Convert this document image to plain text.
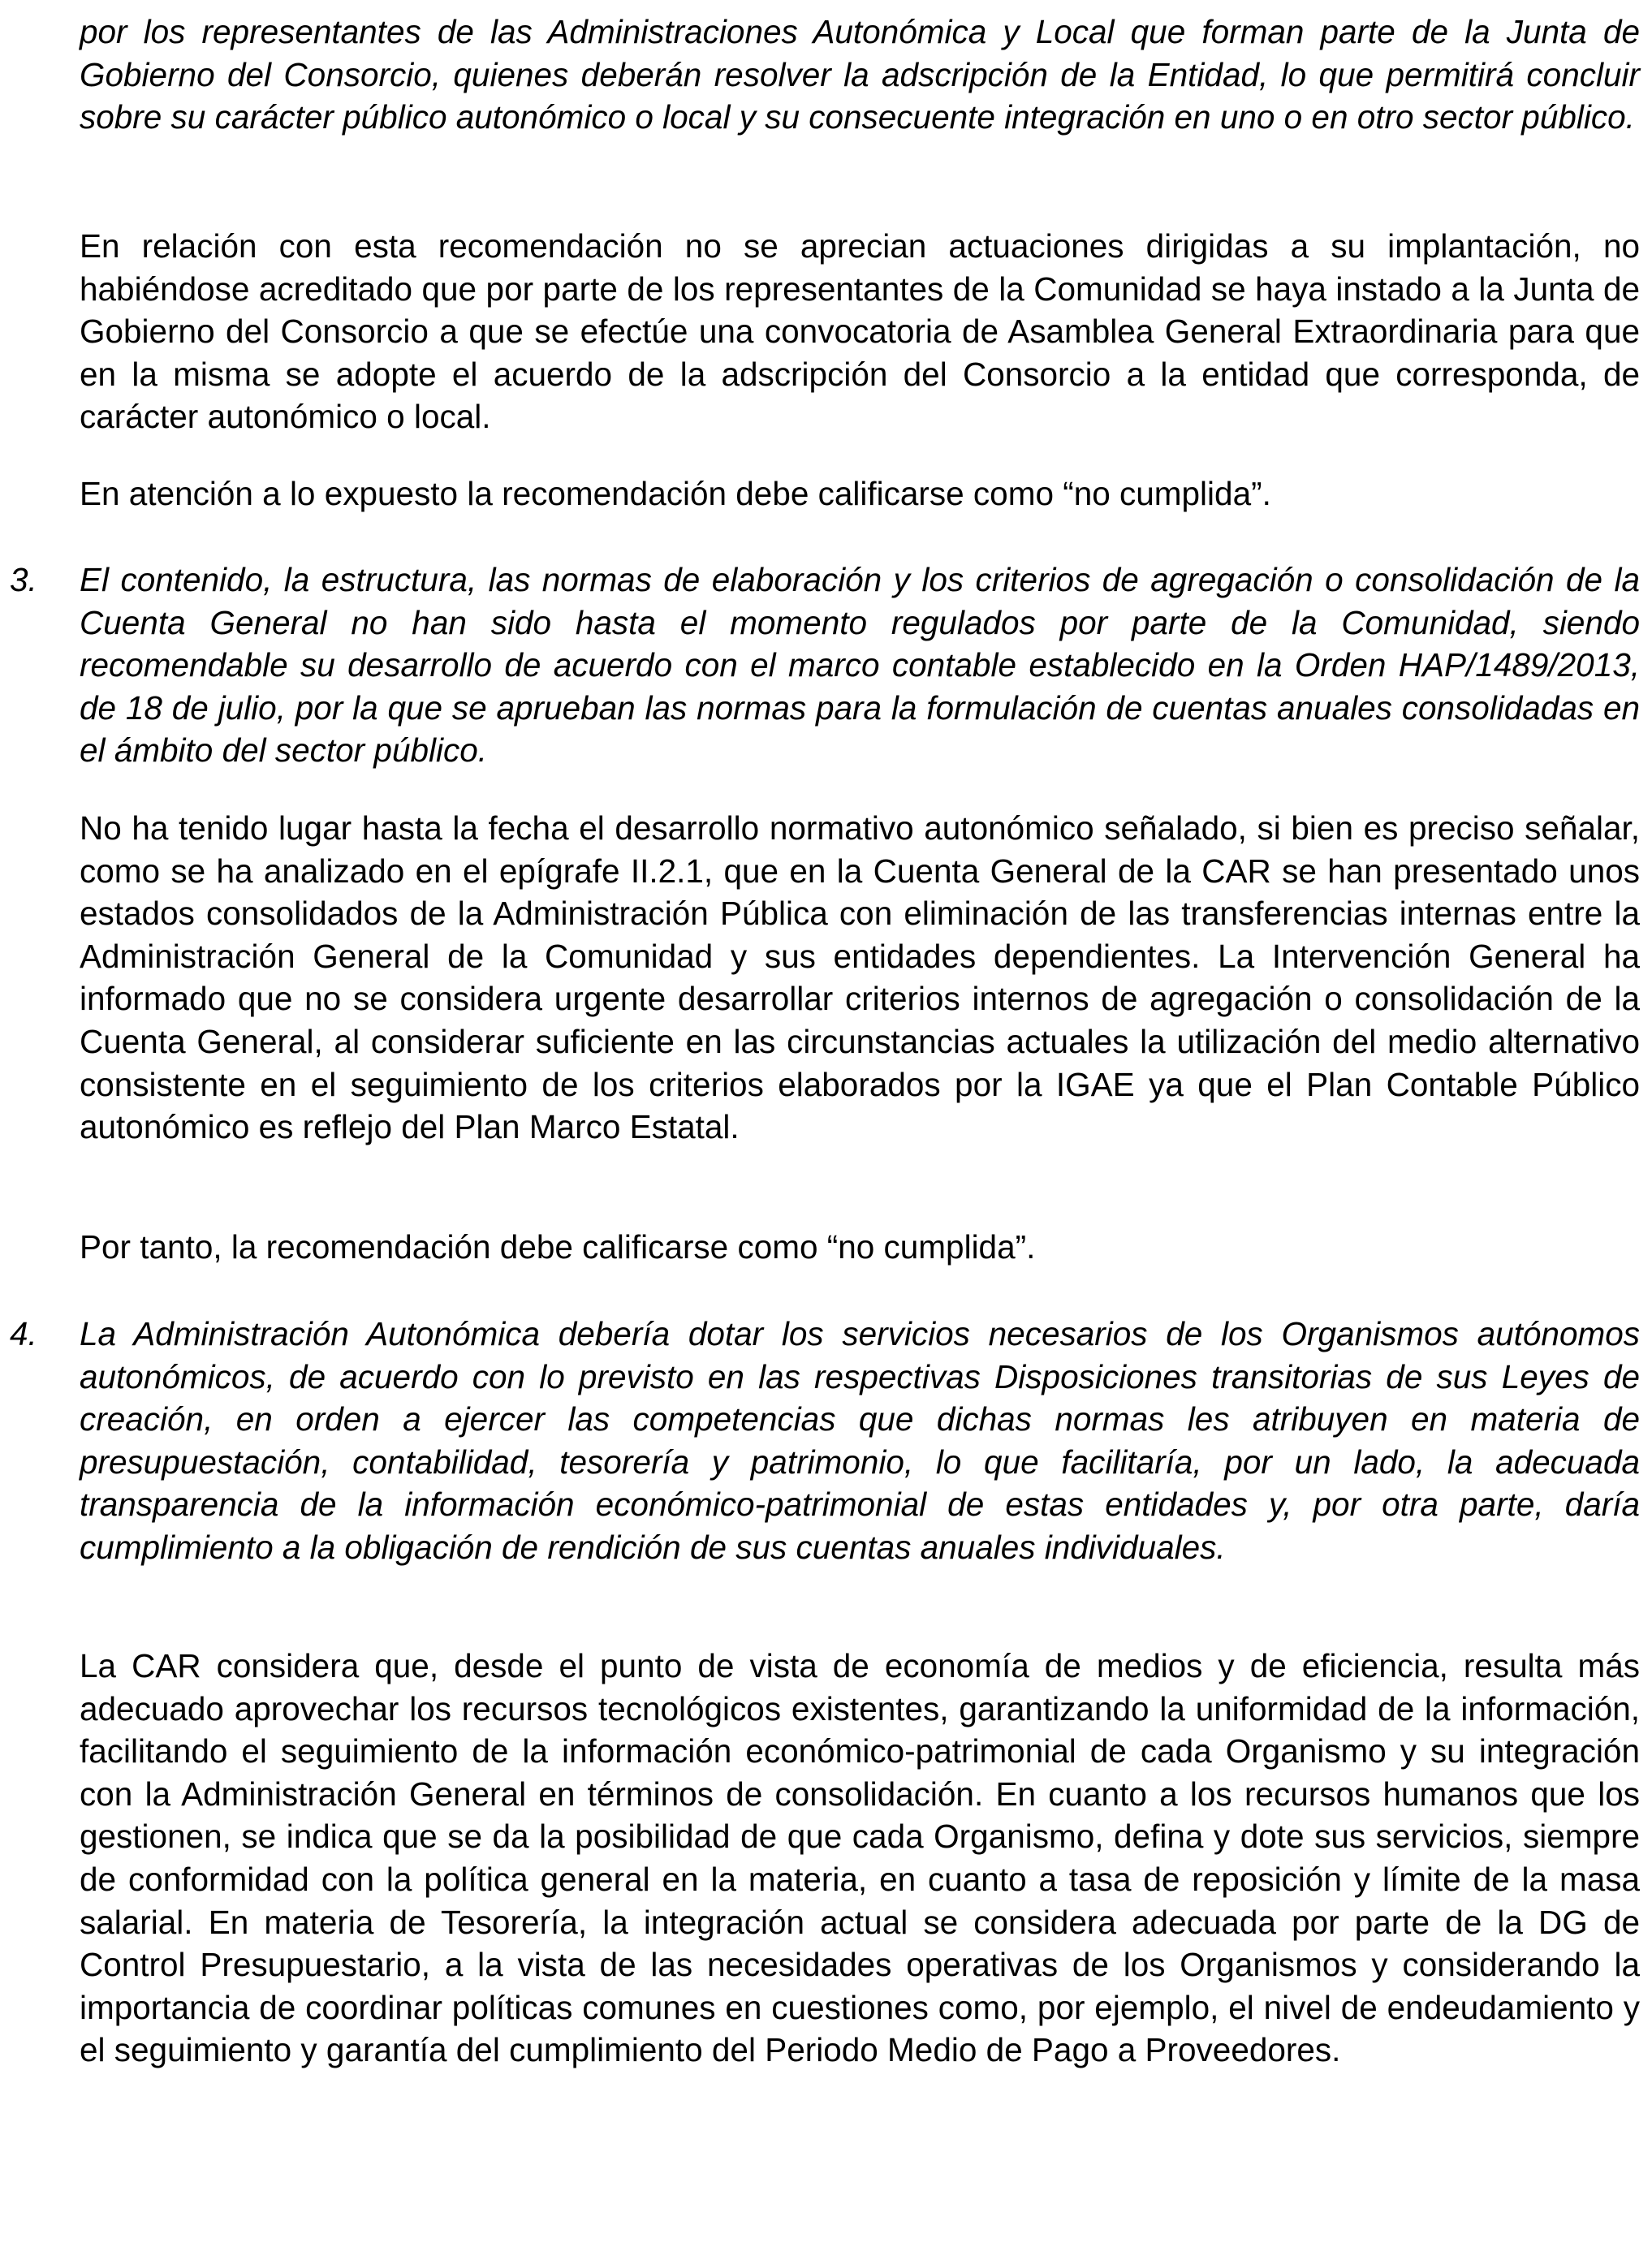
por los representantes de las Administraciones Autonómica y Local que forman parte de la Junta de Gobierno del Consorcio, quienes deberán resolver la adscripción de la Entidad, lo que permitirá concluir sobre su carácter público autonómico o local y su consecuente integración en uno o en otro sector público.

En relación con esta recomendación no se aprecian actuaciones dirigidas a su implantación, no habiéndose acreditado que por parte de los representantes de la Comunidad se haya instado a la Junta de Gobierno del Consorcio a que se efectúe una convocatoria de Asamblea General Extraordinaria para que en la misma se adopte el acuerdo de la adscripción del Consorcio a la entidad que corresponda, de carácter autonómico o local.

En atención a lo expuesto la recomendación debe calificarse como “no cumplida”.

3.	El contenido, la estructura, las normas de elaboración y los criterios de agregación o consolidación de la Cuenta General no han sido hasta el momento regulados por parte de la Comunidad, siendo recomendable su desarrollo de acuerdo con el marco contable establecido en la Orden HAP/1489/2013, de 18 de julio, por la que se aprueban las normas para la formulación de cuentas anuales consolidadas en el ámbito del sector público.

No ha tenido lugar hasta la fecha el desarrollo normativo autonómico señalado, si bien es preciso señalar, como se ha analizado en el epígrafe II.2.1, que en la Cuenta General de la CAR se han presentado unos estados consolidados de la Administración Pública con eliminación de las transferencias internas entre la Administración General de la Comunidad y sus entidades dependientes. La Intervención General ha informado que no se considera urgente desarrollar criterios internos de agregación o consolidación de la Cuenta General, al considerar suficiente en las circunstancias actuales la utilización del medio alternativo consistente en el seguimiento de los criterios elaborados por la IGAE ya que el Plan Contable Público autonómico es reflejo del Plan Marco Estatal.

Por tanto, la recomendación debe calificarse como “no cumplida”.

4.	La Administración Autonómica debería dotar los servicios necesarios de los Organismos autónomos autonómicos, de acuerdo con lo previsto en las respectivas Disposiciones transitorias de sus Leyes de creación, en orden a ejercer las competencias que dichas normas les atribuyen en materia de presupuestación, contabilidad, tesorería y patrimonio, lo que facilitaría, por un lado, la adecuada transparencia de la información económico-patrimonial de estas entidades y, por otra parte, daría cumplimiento a la obligación de rendición de sus cuentas anuales individuales.

La CAR considera que, desde el punto de vista de economía de medios y de eficiencia, resulta más adecuado aprovechar los recursos tecnológicos existentes, garantizando la uniformidad de la información, facilitando el seguimiento de la información económico-patrimonial de cada Organismo y su integración con la Administración General en términos de consolidación. En cuanto a los recursos humanos que los gestionen, se indica que se da la posibilidad de que cada Organismo, defina y dote sus servicios, siempre de conformidad con la política general en la materia, en cuanto a tasa de reposición y límite de la masa salarial. En materia de Tesorería, la integración actual se considera adecuada por parte de la DG de Control Presupuestario, a la vista de las necesidades operativas de los Organismos y considerando la importancia de coordinar políticas comunes en cuestiones como, por ejemplo, el nivel de endeudamiento y el seguimiento y garantía del cumplimiento del Periodo Medio de Pago a Proveedores.
